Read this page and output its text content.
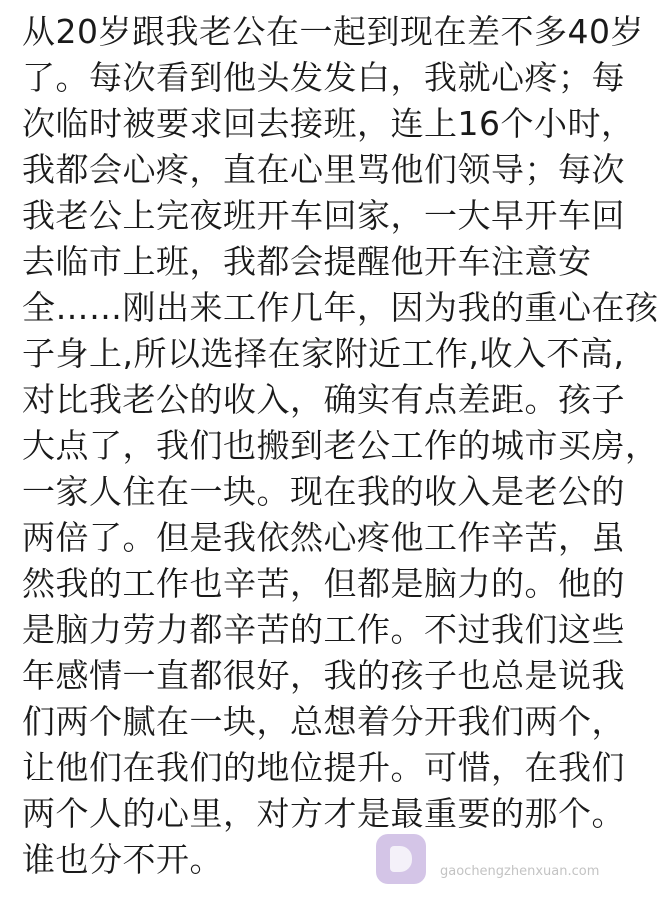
从20岁跟我老公在一起到现在差不多40岁
了。每次看到他头发发白，我就心疼；每
次临时被要求回去接班，连上16个小时，
我都会心疼，直在心里骂他们领导；每次
我老公上完夜班开车回家，一大早开车回
去临市上班，我都会提醒他开车注意安
全……刚出来工作几年，因为我的重心在孩
子身上,所以选择在家附近工作,收入不高,
对比我老公的收入，确实有点差距。孩子
大点了，我们也搬到老公工作的城市买房，
一家人住在一块。现在我的收入是老公的
两倍了。但是我依然心疼他工作辛苦，虽
然我的工作也辛苦，但都是脑力的。他的
是脑力劳力都辛苦的工作。不过我们这些
年感情一直都很好，我的孩子也总是说我
们两个腻在一块，总想着分开我们两个，
让他们在我们的地位提升。可惜，在我们
两个人的心里，对方才是最重要的那个。
谁也分不开。	gaochengzhenxuan.com
